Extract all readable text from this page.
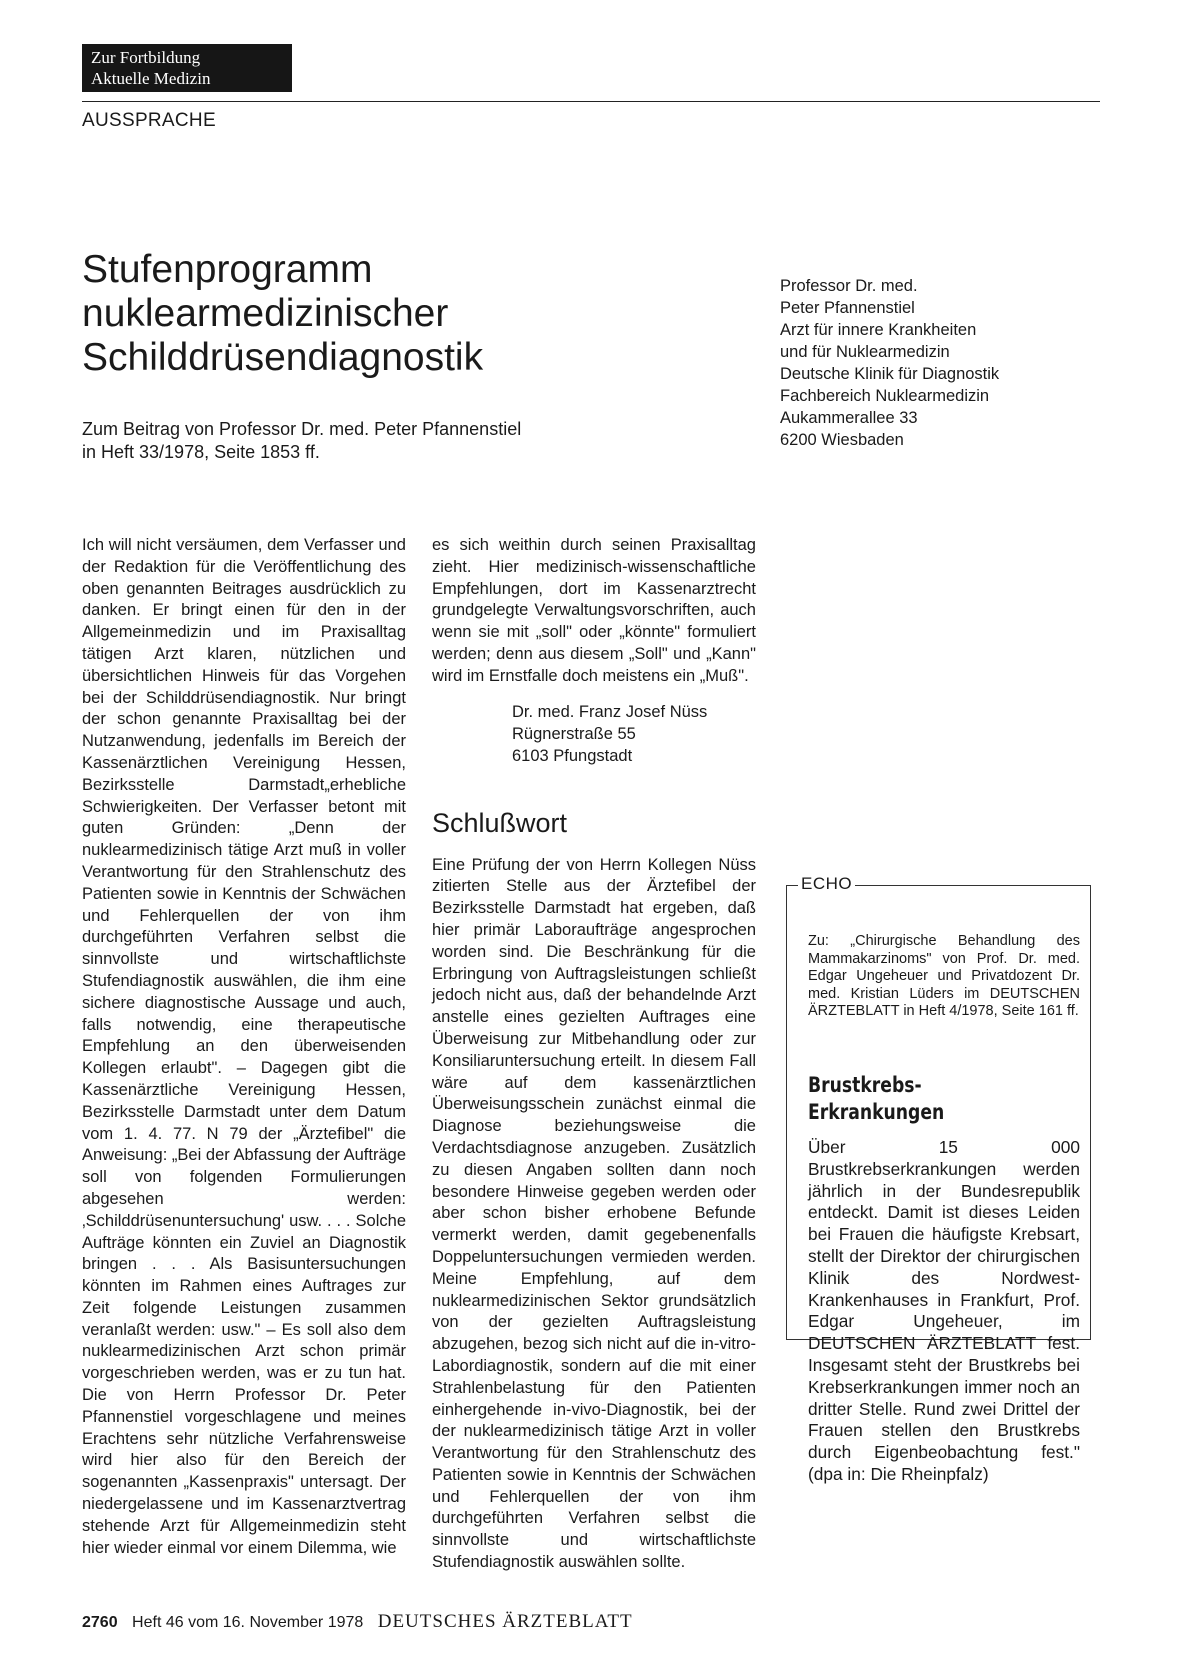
Zur Fortbildung
Aktuelle Medizin
AUSSPRACHE
Stufenprogramm
nuklearmedizinischer
Schilddrüsendiagnostik
Zum Beitrag von Professor Dr. med. Peter Pfannenstiel
in Heft 33/1978, Seite 1853 ff.

Ich will nicht versäumen, dem Verfasser und der Redaktion für die Veröffentlichung des oben genannten Beitrages ausdrücklich zu danken. Er bringt einen für den in der Allgemeinmedizin und im Praxisalltag tätigen Arzt klaren, nützlichen und übersichtlichen Hinweis für das Vorgehen bei der Schilddrüsendiagnostik. Nur bringt der schon genannte Praxisalltag bei der Nutzanwendung, jedenfalls im Bereich der Kassenärztlichen Vereinigung Hessen, Bezirksstelle Darmstadt„erhebliche Schwierigkeiten. Der Verfasser betont mit guten Gründen: „Denn der nuklearmedizinisch tätige Arzt muß in voller Verantwortung für den Strahlenschutz des Patienten sowie in Kenntnis der Schwächen und Fehlerquellen der von ihm durchgeführten Verfahren selbst die sinnvollste und wirtschaftlichste Stufendiagnostik auswählen, die ihm eine sichere diagnostische Aussage und auch, falls notwendig, eine therapeutische Empfehlung an den überweisenden Kollegen erlaubt". – Dagegen gibt die Kassenärztliche Vereinigung Hessen, Bezirksstelle Darmstadt unter dem Datum vom 1. 4. 77. N 79 der „Ärztefibel" die Anweisung: „Bei der Abfassung der Aufträge soll von folgenden Formulierungen abgesehen werden: ‚Schilddrüsenuntersuchung' usw. . . . Solche Aufträge könnten ein Zuviel an Diagnostik bringen . . . Als Basisuntersuchungen könnten im Rahmen eines Auftrages zur Zeit folgende Leistungen zusammen veranlaßt werden: usw." – Es soll also dem nuklearmedizinischen Arzt schon primär vorgeschrieben werden, was er zu tun hat. Die von Herrn Professor Dr. Peter Pfannenstiel vorgeschlagene und meines Erachtens sehr nützliche Verfahrensweise wird hier also für den Bereich der sogenannten „Kassenpraxis" untersagt. Der niedergelassene und im Kassenarztvertrag stehende Arzt für Allgemeinmedizin steht hier wieder einmal vor einem Dilemma, wie

es sich weithin durch seinen Praxisalltag zieht. Hier medizinisch-wissenschaftliche Empfehlungen, dort im Kassenarztrecht grundgelegte Verwaltungsvorschriften, auch wenn sie mit „soll" oder „könnte" formuliert werden; denn aus diesem „Soll" und „Kann" wird im Ernstfalle doch meistens ein „Muß".

Dr. med. Franz Josef Nüss
Rügnerstraße 55
6103 Pfungstadt
Schlußwort

Eine Prüfung der von Herrn Kollegen Nüss zitierten Stelle aus der Ärztefibel der Bezirksstelle Darmstadt hat ergeben, daß hier primär Laboraufträge angesprochen worden sind. Die Beschränkung für die Erbringung von Auftragsleistungen schließt jedoch nicht aus, daß der behandelnde Arzt anstelle eines gezielten Auftrages eine Überweisung zur Mitbehandlung oder zur Konsiliaruntersuchung erteilt. In diesem Fall wäre auf dem kassenärztlichen Überweisungsschein zunächst einmal die Diagnose beziehungsweise die Verdachtsdiagnose anzugeben. Zusätzlich zu diesen Angaben sollten dann noch besondere Hinweise gegeben werden oder aber schon bisher erhobene Befunde vermerkt werden, damit gegebenenfalls Doppeluntersuchungen vermieden werden. Meine Empfehlung, auf dem nuklearmedizinischen Sektor grundsätzlich von der gezielten Auftragsleistung abzugehen, bezog sich nicht auf die in-vitro-Labordiagnostik, sondern auf die mit einer Strahlenbelastung für den Patienten einhergehende in-vivo-Diagnostik, bei der der nuklearmedizinisch tätige Arzt in voller Verantwortung für den Strahlenschutz des Patienten sowie in Kenntnis der Schwächen und Fehlerquellen der von ihm durchgeführten Verfahren selbst die sinnvollste und wirtschaftlichste Stufendiagnostik auswählen sollte.

Professor Dr. med.
Peter Pfannenstiel
Arzt für innere Krankheiten
und für Nuklearmedizin
Deutsche Klinik für Diagnostik
Fachbereich Nuklearmedizin
Aukammerallee 33
6200 Wiesbaden
ECHO
Zu: „Chirurgische Behandlung des Mammakarzinoms" von Prof. Dr. med. Edgar Ungeheuer und Privatdozent Dr. med. Kristian Lüders im DEUTSCHEN ÄRZTEBLATT in Heft 4/1978, Seite 161 ff.
Brustkrebs-
Erkrankungen
Über 15 000 Brustkrebserkrankungen werden jährlich in der Bundesrepublik entdeckt. Damit ist dieses Leiden bei Frauen die häufigste Krebsart, stellt der Direktor der chirurgischen Klinik des Nordwest-Krankenhauses in Frankfurt, Prof. Edgar Ungeheuer, im DEUTSCHEN ÄRZTEBLATT fest. Insgesamt steht der Brustkrebs bei Krebserkrankungen immer noch an dritter Stelle. Rund zwei Drittel der Frauen stellen den Brustkrebs durch Eigenbeobachtung fest." (dpa in: Die Rheinpfalz)
2760 Heft 46 vom 16. November 1978 DEUTSCHES ÄRZTEBLATT
